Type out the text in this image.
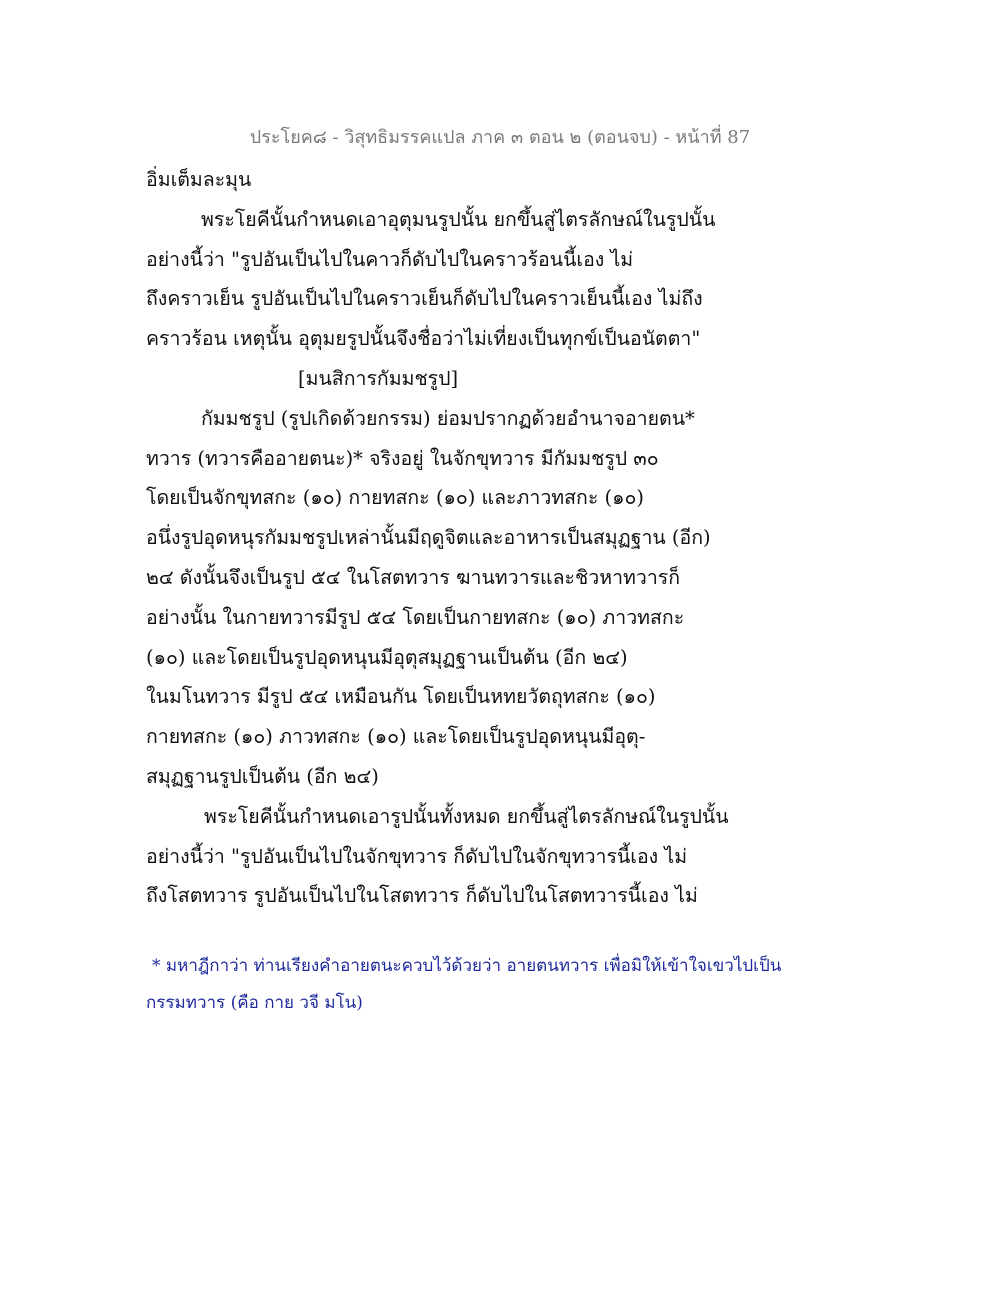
ประโยค๘ - วิสุทธิมรรคแปล ภาค ๓ ตอน ๒ (ตอนจบ) - หน้าที่ 87
อิ่มเต็มละมุน
พระโยคีนั้นกำหนดเอาอุตุมนรูปนั้น ยกขึ้นสู่ไตรลักษณ์ในรูปนั้น
อย่างนี้ว่า "รูปอันเป็นไปในคาวก็ดับไปในคราวร้อนนี้เอง ไม่
ถึงคราวเย็น รูปอันเป็นไปในคราวเย็นก็ดับไปในคราวเย็นนี้เอง ไม่ถึง
คราวร้อน เหตุนั้น อุตุมยรูปนั้นจึงชื่อว่าไม่เที่ยงเป็นทุกข์เป็นอนัตตา"
[มนสิการกัมมชรูป]
กัมมชรูป (รูปเกิดด้วยกรรม) ย่อมปรากฏด้วยอำนาจอายตน*
ทวาร (ทวารคืออายตนะ)* จริงอยู่ ในจักขุทวาร มีกัมมชรูป ๓๐
โดยเป็นจักขุทสกะ (๑๐) กายทสกะ (๑๐) และภาวทสกะ (๑๐)
อนึ่งรูปอุดหนุรกัมมชรูปเหล่านั้นมีฤดูจิตและอาหารเป็นสมุฏฐาน (อีก)
๒๔ ดังนั้นจึงเป็นรูป ๕๔ ในโสตทวาร ฆานทวารและชิวหาทวารก็
อย่างนั้น ในกายทวารมีรูป ๕๔ โดยเป็นกายทสกะ (๑๐) ภาวทสกะ
(๑๐) และโดยเป็นรูปอุดหนุนมีอุตุสมุฏฐานเป็นต้น (อีก ๒๔)
ในมโนทวาร มีรูป ๕๔ เหมือนกัน โดยเป็นหทยวัตถุทสกะ (๑๐)
กายทสกะ (๑๐) ภาวทสกะ (๑๐) และโดยเป็นรูปอุดหนุนมีอุตุ-
สมุฏฐานรูปเป็นต้น (อีก ๒๔)
พระโยคีนั้นกำหนดเอารูปนั้นทั้งหมด ยกขึ้นสู่ไตรลักษณ์ในรูปนั้น
อย่างนี้ว่า "รูปอันเป็นไปในจักขุทวาร ก็ดับไปในจักขุทวารนี้เอง ไม่
ถึงโสตทวาร รูปอันเป็นไปในโสตทวาร ก็ดับไปในโสตทวารนี้เอง ไม่
* มหาฎีกาว่า ท่านเรียงคำอายตนะควบไว้ด้วยว่า อายตนทวาร เพื่อมิให้เข้าใจเขวไปเป็น
กรรมทวาร (คือ กาย วจี มโน)
